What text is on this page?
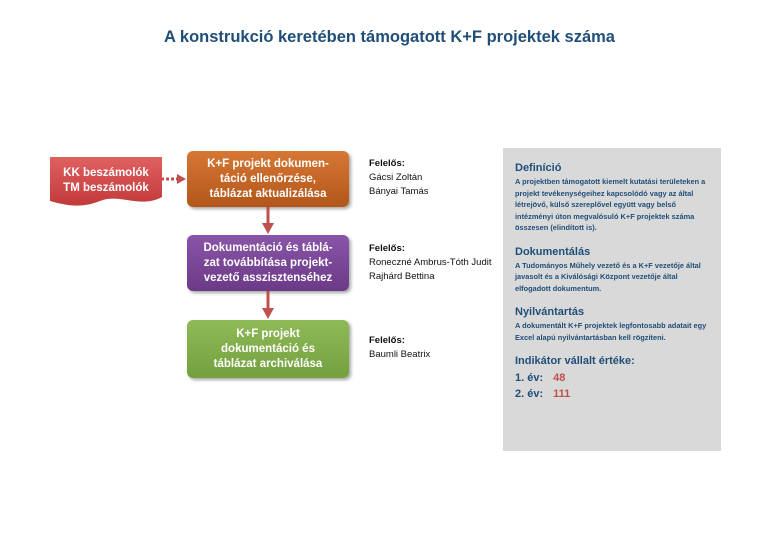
A konstrukció keretében támogatott K+F projektek száma
KK beszámolók
TM beszámolók
K+F projekt dokumen-
táció ellenőrzése,
táblázat aktualizálása
Dokumentáció és táblá-
zat továbbítása projekt-
vezető asszisztenséhez
K+F projekt
dokumentáció és
táblázat archiválása
Felelős:
Gácsi Zoltán
Bányai Tamás
Felelős:
Roneczné Ambrus-Tóth Judit
Rajhárd Bettina
Felelős:
Baumli Beatrix
Definíció

A projektben támogatott kiemelt kutatási területeken a projekt tevékenységeihez kapcsolódó vagy az által létrejövő, külső szereplővel együtt vagy belső intézményi úton megvalósuló K+F projektek száma összesen (elindított is).

Dokumentálás

A Tudományos Műhely vezető és a K+F vezetője által javasolt és a Kiválósági Központ vezetője által elfogadott dokumentum.

Nyilvántartás

A dokumentált K+F projektek legfontosabb adatait egy Excel alapú nyilvántartásban kell rögzíteni.

Indikátor vállalt értéke:
1. év: 48
2. év: 111
